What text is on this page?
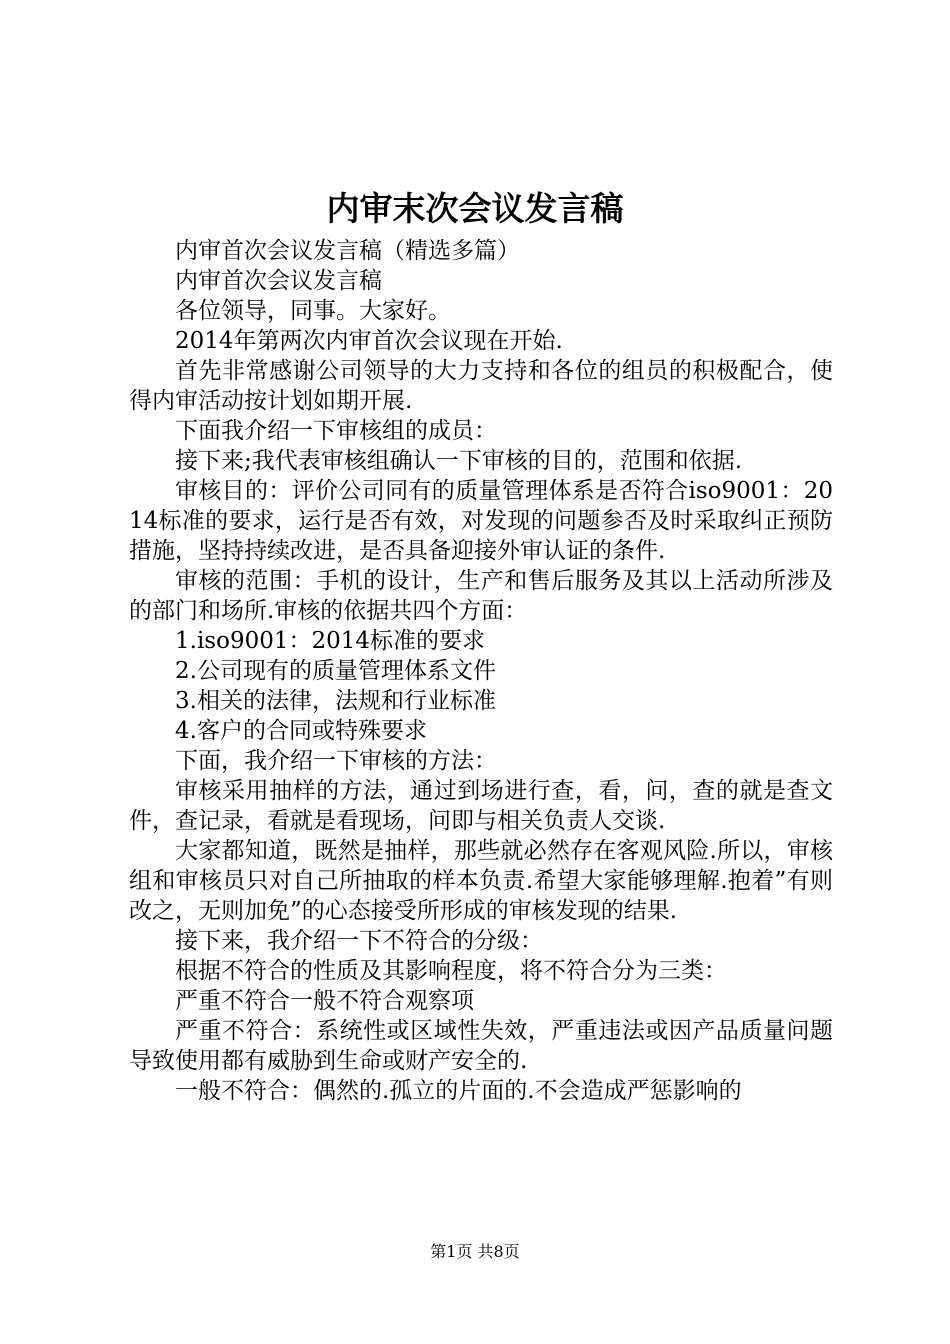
内审末次会议发言稿

内审首次会议发言稿（精选多篇）

内审首次会议发言稿

各位领导，同事。大家好。

2014年第两次内审首次会议现在开始.

首先非常感谢公司领导的大力支持和各位的组员的积极配合，使得内审活动按计划如期开展.

下面我介绍一下审核组的成员：

接下来;我代表审核组确认一下审核的目的，范围和依据.

审核目的：评价公司同有的质量管理体系是否符合iso9001：2014标准的要求，运行是否有效，对发现的问题参否及时采取纠正预防措施，坚持持续改进，是否具备迎接外审认证的条件.

审核的范围：手机的设计，生产和售后服务及其以上活动所涉及的部门和场所.审核的依据共四个方面：

1.iso9001：2014标准的要求

2.公司现有的质量管理体系文件

3.相关的法律，法规和行业标准

4.客户的合同或特殊要求

下面，我介绍一下审核的方法：

审核采用抽样的方法，通过到场进行查，看，问，查的就是查文件，查记录，看就是看现场，问即与相关负责人交谈.

大家都知道，既然是抽样，那些就必然存在客观风险.所以，审核组和审核员只对自己所抽取的样本负责.希望大家能够理解.抱着”有则改之，无则加免”的心态接受所形成的审核发现的结果.

接下来，我介绍一下不符合的分级：

根据不符合的性质及其影响程度，将不符合分为三类：

严重不符合一般不符合观察项

严重不符合：系统性或区域性失效，严重违法或因产品质量问题导致使用都有威胁到生命或财产安全的.

一般不符合：偶然的.孤立的片面的.不会造成严惩影响的

第1页 共8页
